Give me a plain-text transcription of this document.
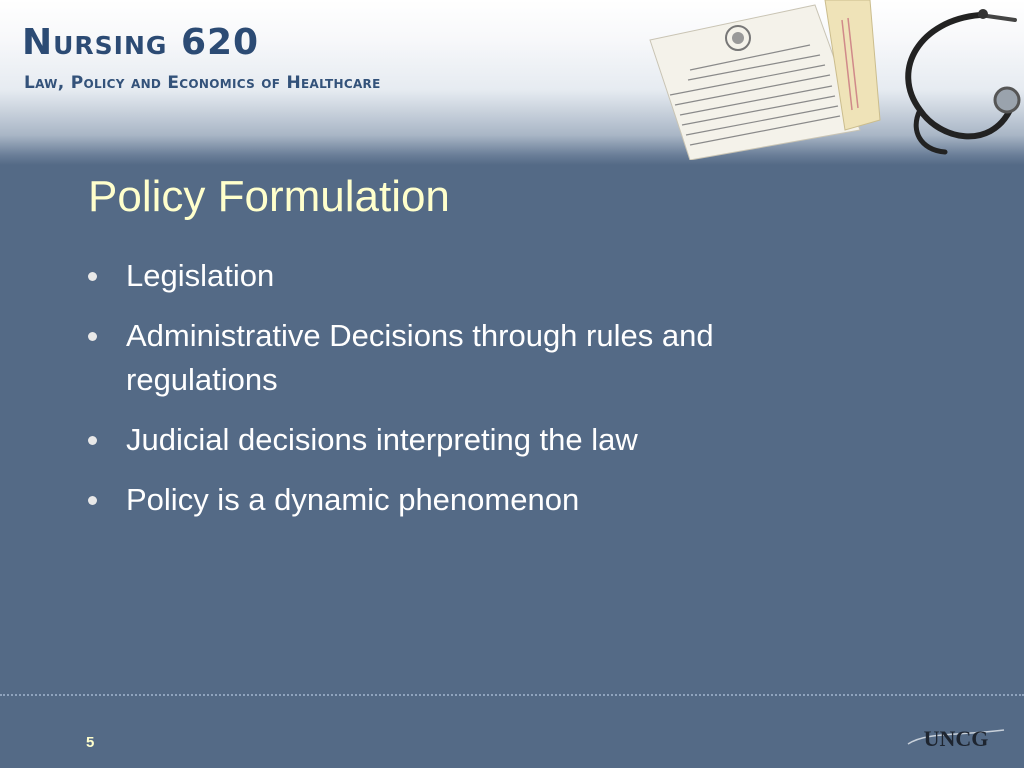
Nursing 620
Law, Policy and Economics of Healthcare
Policy Formulation
Legislation
Administrative Decisions through rules and
regulations
Judicial decisions interpreting the law
Policy is a dynamic phenomenon
5	UNCG
